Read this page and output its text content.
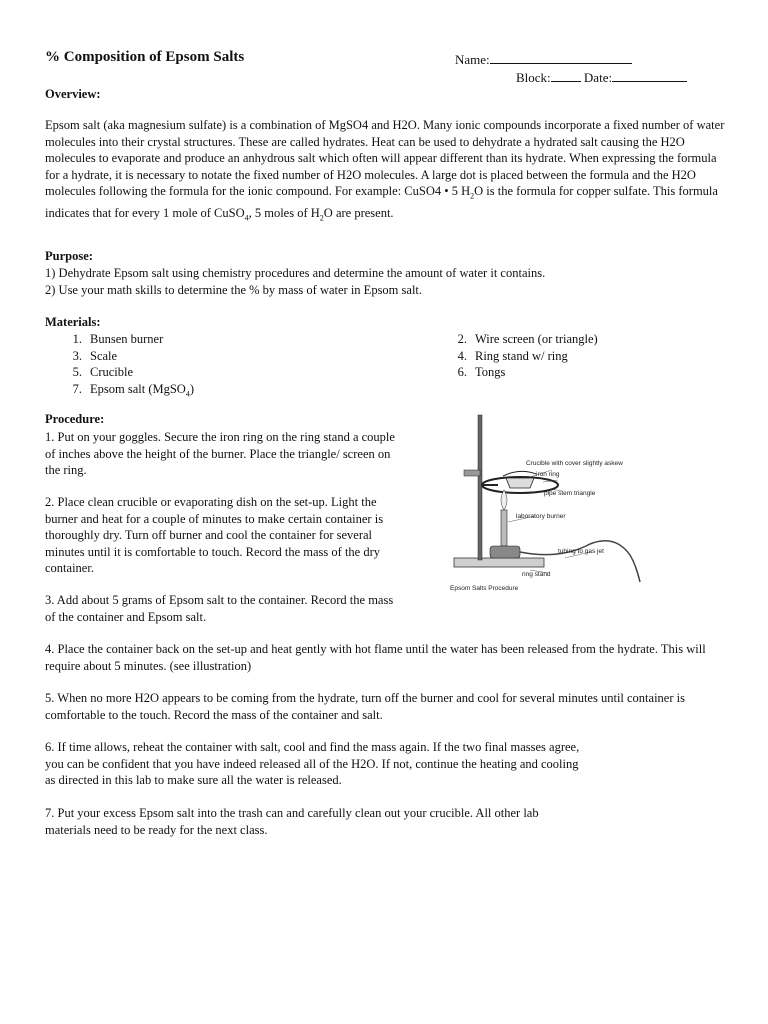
% Composition of Epsom Salts	Name:
Block:	Date:
Overview:
Epsom salt (aka magnesium sulfate) is a combination of MgSO4 and H2O. Many ionic compounds incorporate a fixed number of water molecules into their crystal structures. These are called hydrates. Heat can be used to dehydrate a hydrated salt causing the H2O molecules to evaporate and produce an anhydrous salt which often will appear different than its hydrate. When expressing the formula for a hydrate, it is necessary to notate the fixed number of H2O molecules. A large dot is placed between the formula and the H2O molecules following the formula for the ionic compound. For example: CuSO4 • 5 $H_2O$ is the formula for copper sulfate. This formula indicates that for every 1 mole of CuSO$_4$, 5 moles of $H_2O$ are present.
Purpose:
1) Dehydrate Epsom salt using chemistry procedures and determine the amount of water it contains.
2) Use your math skills to determine the % by mass of water in Epsom salt.
Materials:
1. Bunsen burner
3. Scale
5. Crucible
7. Epsom salt (MgSO$_4$)
2. Wire screen (or triangle)
4. Ring stand w/ ring
6. Tongs
Procedure:
1. Put on your goggles. Secure the iron ring on the ring stand a couple of inches above the height of the burner. Place the triangle/ screen on the ring.
2. Place clean crucible or evaporating dish on the set-up. Light the burner and heat for a couple of minutes to make certain container is thoroughly dry. Turn off burner and cool the container for several minutes until it is comfortable to touch. Record the mass of the dry container.
3. Add about 5 grams of Epsom salt to the container. Record the mass of the container and Epsom salt.
4. Place the container back on the set-up and heat gently with hot flame until the water has been released from the hydrate. This will require about 5 minutes. (see illustration)
5. When no more H2O appears to be coming from the hydrate, turn off the burner and cool for several minutes until container is comfortable to the touch. Record the mass of the container and salt.
6. If time allows, reheat the container with salt, cool and find the mass again. If the two final masses agree, you can be confident that you have indeed released all of the H2O. If not, continue the heating and cooling as directed in this lab to make sure all the water is released.
7. Put your excess Epsom salt into the trash can and carefully clean out your crucible. All other lab materials need to be ready for the next class.
Crucible with cover slightly askew
iron ring
pipe stem triangle
laboratory burner
tubing to gas jet
ring stand
Epsom Salts Procedure
